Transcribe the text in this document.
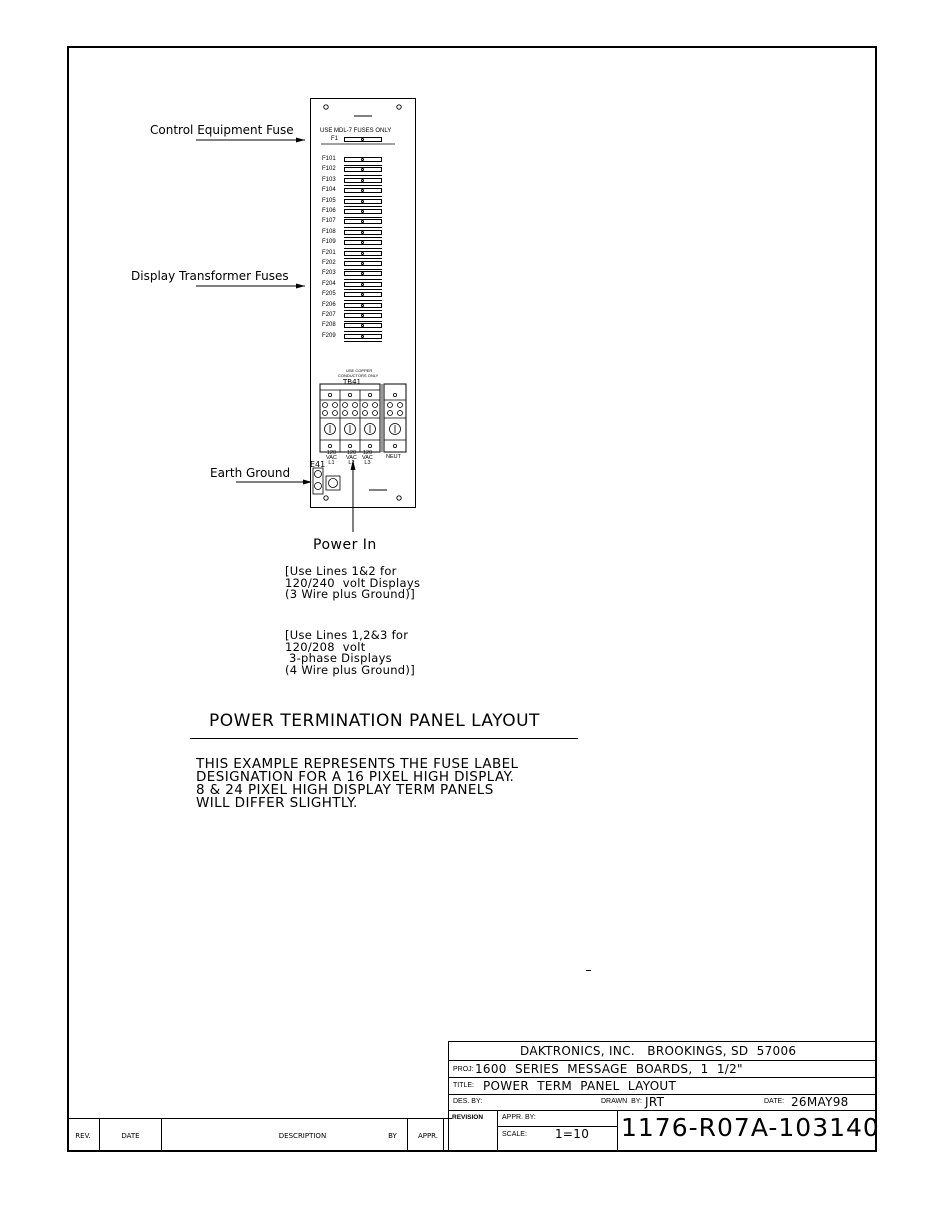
F101
F102
F103
F104
F105
F106
F107
F108
F109
F201
F202
F203
F204
F205
F206
F207
F208
F209
USE MDL-7 FUSES ONLY
F1
USE COPPER
CONDUCTORS ONLY
TB41
120
VAC
L1
120
VAC
L2
120
VAC
L3
NEUT
E41
Control Equipment Fuse
Display Transformer Fuses
Earth Ground
Power In
[Use Lines 1&2 for
120/240  volt Displays
(3 Wire plus Ground)]
[Use Lines 1,2&3 for
120/208  volt
3-phase Displays
(4 Wire plus Ground)]
POWER TERMINATION PANEL LAYOUT
THIS EXAMPLE REPRESENTS THE FUSE LABEL
DESIGNATION FOR A 16 PIXEL HIGH DISPLAY.
8 & 24 PIXEL HIGH DISPLAY TERM PANELS
WILL DIFFER SLIGHTLY.
REV.	DATE	DESCRIPTION	BY	APPR.
DAKTRONICS, INC.   BROOKINGS, SD  57006
PROJ: 1600  SERIES  MESSAGE  BOARDS,  1  1/2"
TITLE: POWER  TERM  PANEL  LAYOUT
DES. BY:	DRAWN  BY: JRT	DATE: 26MAY98
REVISION	APPR. BY:
SCALE: 1=10 1176-R07A-103140
